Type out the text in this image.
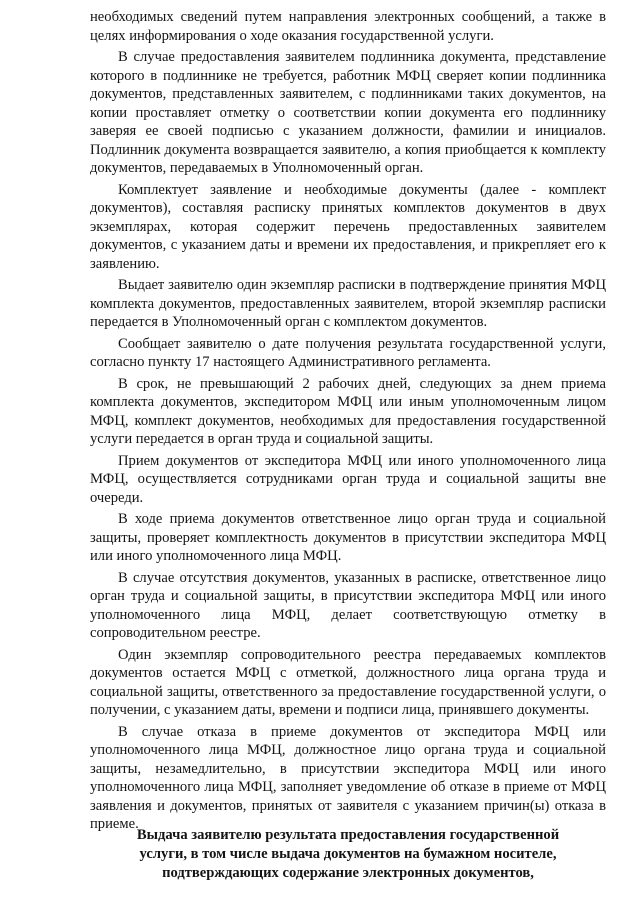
необходимых сведений путем направления электронных сообщений, а также в целях информирования о ходе оказания государственной услуги.

В случае предоставления заявителем подлинника документа, представление которого в подлиннике не требуется, работник МФЦ сверяет копии подлинника документов, представленных заявителем, с подлинниками таких документов, на копии проставляет отметку о соответствии копии документа его подлиннику заверяя ее своей подписью с указанием должности, фамилии и инициалов. Подлинник документа возвращается заявителю, а копия приобщается к комплекту документов, передаваемых в Уполномоченный орган.

Комплектует заявление и необходимые документы (далее - комплект документов), составляя расписку принятых комплектов документов в двух экземплярах, которая содержит перечень предоставленных заявителем документов, с указанием даты и времени их предоставления, и прикрепляет его к заявлению.

Выдает заявителю один экземпляр расписки в подтверждение принятия МФЦ комплекта документов, предоставленных заявителем, второй экземпляр расписки передается в Уполномоченный орган с комплектом документов.

Сообщает заявителю о дате получения результата государственной услуги, согласно пункту 17 настоящего Административного регламента.

В срок, не превышающий 2 рабочих дней, следующих за днем приема комплекта документов, экспедитором МФЦ или иным уполномоченным лицом МФЦ, комплект документов, необходимых для предоставления государственной услуги передается в орган труда и социальной защиты.

Прием документов от экспедитора МФЦ или иного уполномоченного лица МФЦ, осуществляется сотрудниками орган труда и социальной защиты вне очереди.

В ходе приема документов ответственное лицо орган труда и социальной защиты, проверяет комплектность документов в присутствии экспедитора МФЦ или иного уполномоченного лица МФЦ.

В случае отсутствия документов, указанных в расписке, ответственное лицо орган труда и социальной защиты, в присутствии экспедитора МФЦ или иного уполномоченного лица МФЦ, делает соответствующую отметку в сопроводительном реестре.

Один экземпляр сопроводительного реестра передаваемых комплектов документов остается МФЦ с отметкой, должностного лица органа труда и социальной защиты, ответственного за предоставление государственной услуги, о получении, с указанием даты, времени и подписи лица, принявшего документы.

В случае отказа в приеме документов от экспедитора МФЦ или уполномоченного лица МФЦ, должностное лицо органа труда и социальной защиты, незамедлительно, в присутствии экспедитора МФЦ или иного уполномоченного лица МФЦ, заполняет уведомление об отказе в приеме от МФЦ заявления и документов, принятых от заявителя с указанием причин(ы) отказа в приеме.

Выдача заявителю результата предоставления государственной
услуги, в том числе выдача документов на бумажном носителе,
подтверждающих содержание электронных документов,
